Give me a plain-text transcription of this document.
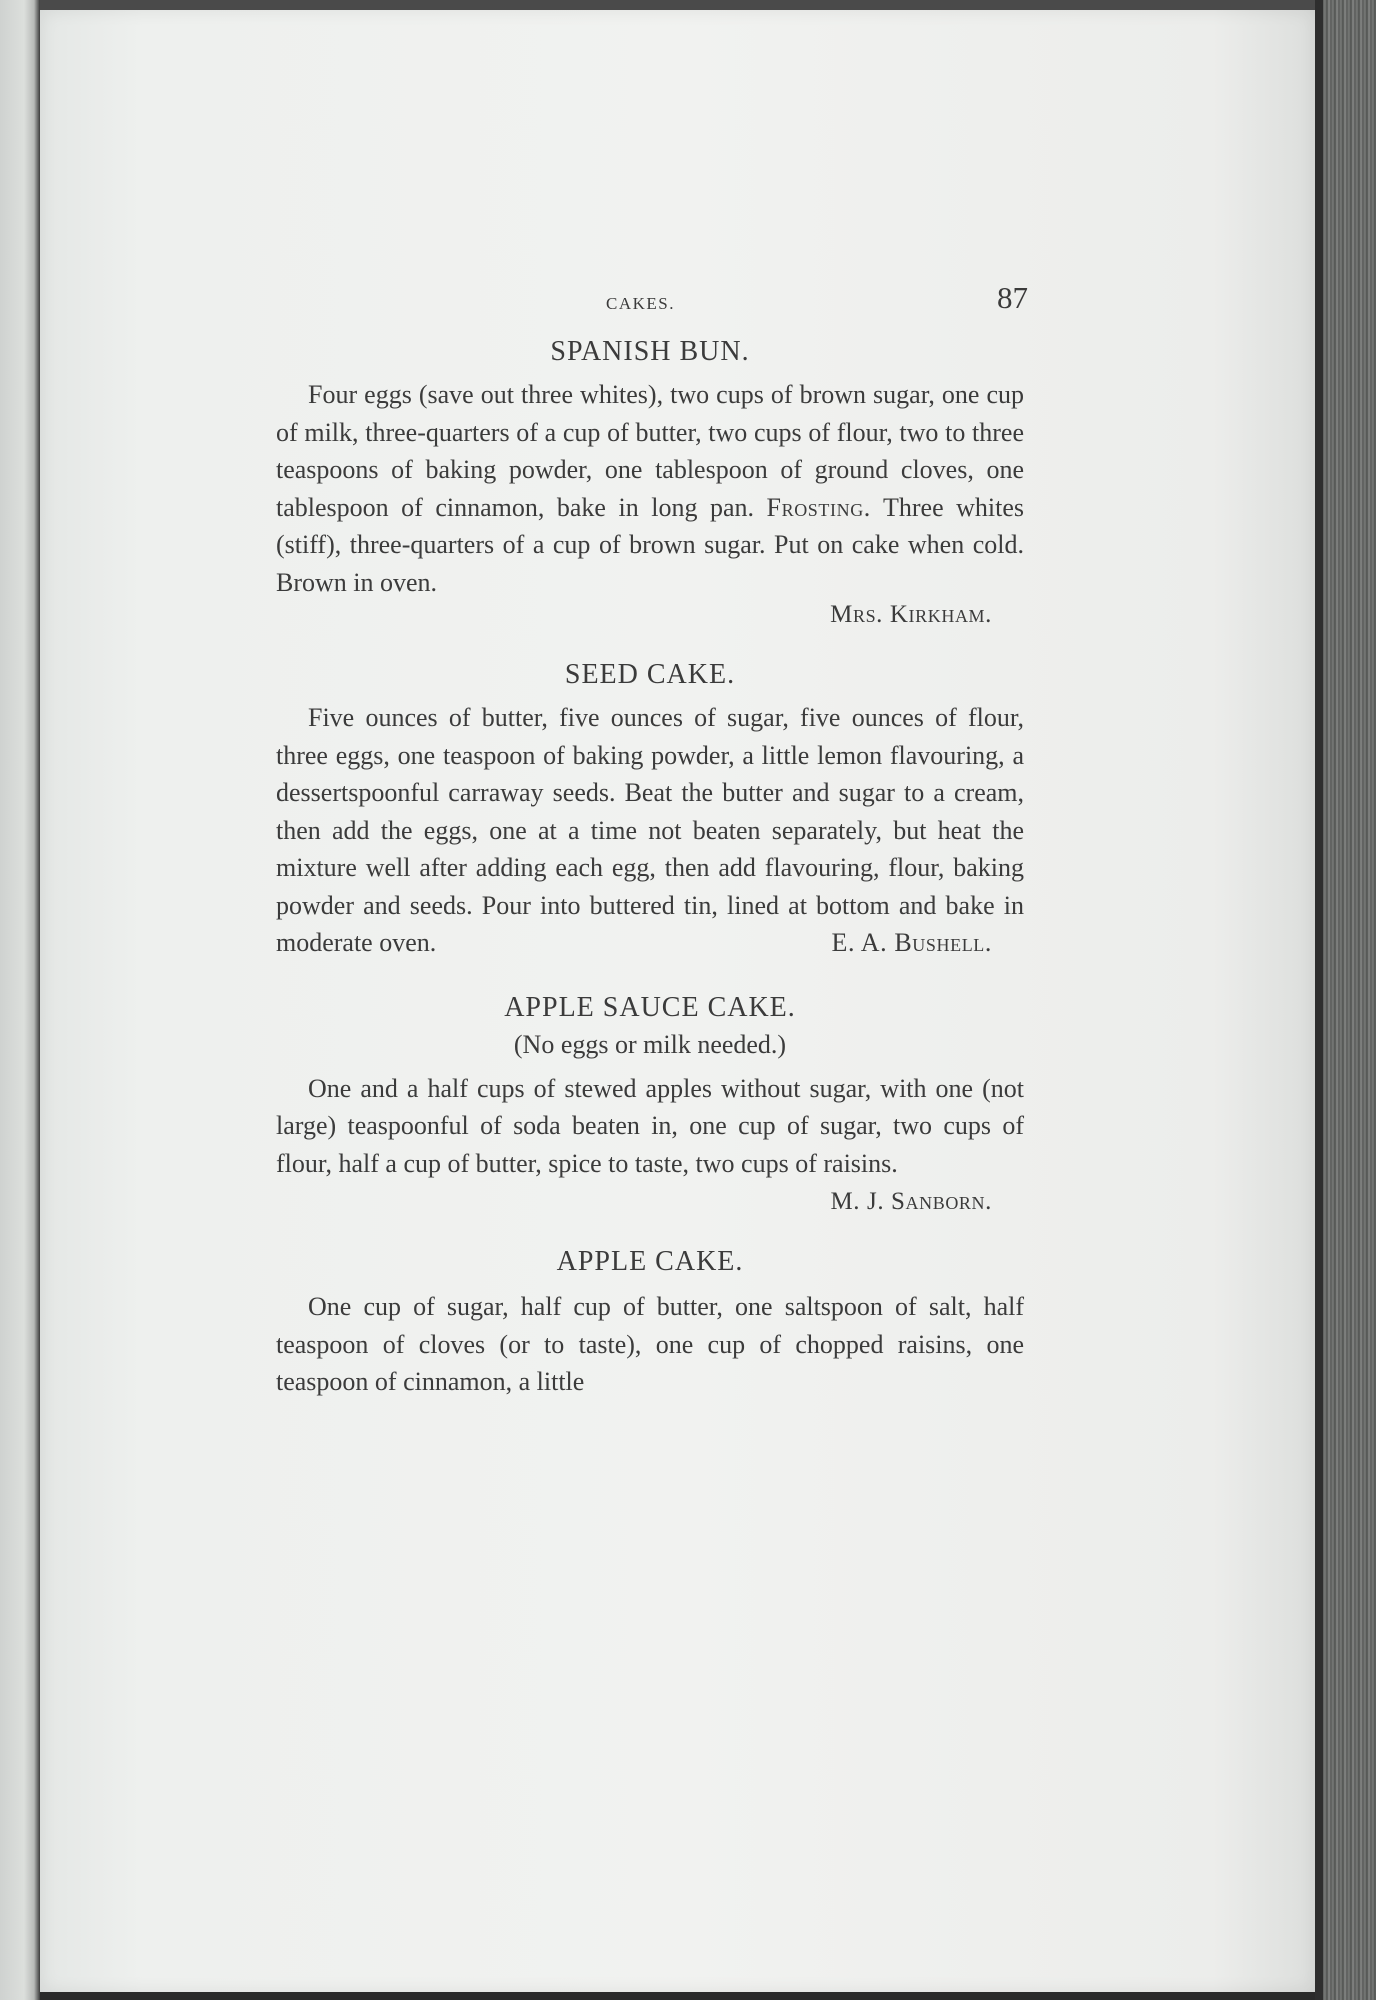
CAKES.	87
SPANISH BUN.

Four eggs (save out three whites), two cups of brown sugar, one cup of milk, three-quarters of a cup of butter, two cups of flour, two to three teaspoons of baking powder, one tablespoon of ground cloves, one tablespoon of cinnamon, bake in long pan. Frosting. Three whites (stiff), three-quarters of a cup of brown sugar. Put on cake when cold. Brown in oven.

Mrs. Kirkham.

SEED CAKE.

Five ounces of butter, five ounces of sugar, five ounces of flour, three eggs, one teaspoon of baking powder, a little lemon flavouring, a dessertspoonful carraway seeds. Beat the butter and sugar to a cream, then add the eggs, one at a time not beaten separately, but heat the mixture well after adding each egg, then add flavouring, flour, baking powder and seeds. Pour into buttered tin, lined at bottom and bake in moderate oven.	E. A. Bushell.

APPLE SAUCE CAKE.

(No eggs or milk needed.)

One and a half cups of stewed apples without sugar, with one (not large) teaspoonful of soda beaten in, one cup of sugar, two cups of flour, half a cup of butter, spice to taste, two cups of raisins.

M. J. Sanborn.

APPLE CAKE.

One cup of sugar, half cup of butter, one saltspoon of salt, half teaspoon of cloves (or to taste), one cup of chopped raisins, one teaspoon of cinnamon, a little
